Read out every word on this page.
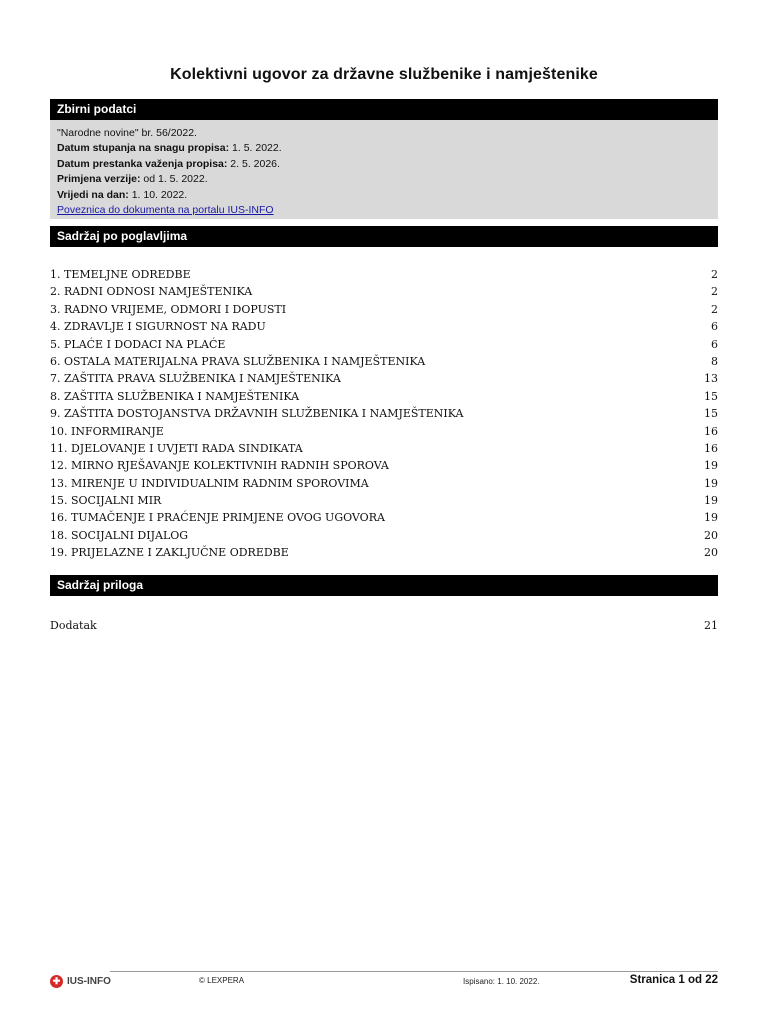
Kolektivni ugovor za državne službenike i namještenike
Zbirni podatci
"Narodne novine" br. 56/2022.
Datum stupanja na snagu propisa: 1. 5. 2022.
Datum prestanka važenja propisa: 2. 5. 2026.
Primjena verzije: od 1. 5. 2022.
Vrijedi na dan: 1. 10. 2022.
Poveznica do dokumenta na portalu IUS-INFO
Sadržaj po poglavljima
1. TEMELJNE ODREDBE	2
2. RADNI ODNOSI NAMJEŠTENIKA	2
3. RADNO VRIJEME, ODMORI I DOPUSTI	2
4. ZDRAVLJE I SIGURNOST NA RADU	6
5. PLAĆE I DODACI NA PLAĆE	6
6. OSTALA MATERIJALNA PRAVA SLUŽBENIKA I NAMJEŠTENIKA	8
7. ZAŠTITA PRAVA SLUŽBENIKA I NAMJEŠTENIKA	13
8. ZAŠTITA SLUŽBENIKA I NAMJEŠTENIKA	15
9. ZAŠTITA DOSTOJANSTVA DRŽAVNIH SLUŽBENIKA I NAMJEŠTENIKA	15
10. INFORMIRANJE	16
11. DJELOVANJE I UVJETI RADA SINDIKATA	16
12. MIRNO RJEŠAVANJE KOLEKTIVNIH RADNIH SPOROVA	19
13. MIRENJE U INDIVIDUALNIM RADNIM SPOROVIMA	19
15. SOCIJALNI MIR	19
16. TUMAČENJE I PRAĆENJE PRIMJENE OVOG UGOVORA	19
18. SOCIJALNI DIJALOG	20
19. PRIJELAZNE I ZAKLJUČNE ODREDBE	20
Sadržaj priloga
Dodatak	21
✚ IUS-INFO	© LEXPERA	Ispisano: 1. 10. 2022.	Stranica 1 od 22
